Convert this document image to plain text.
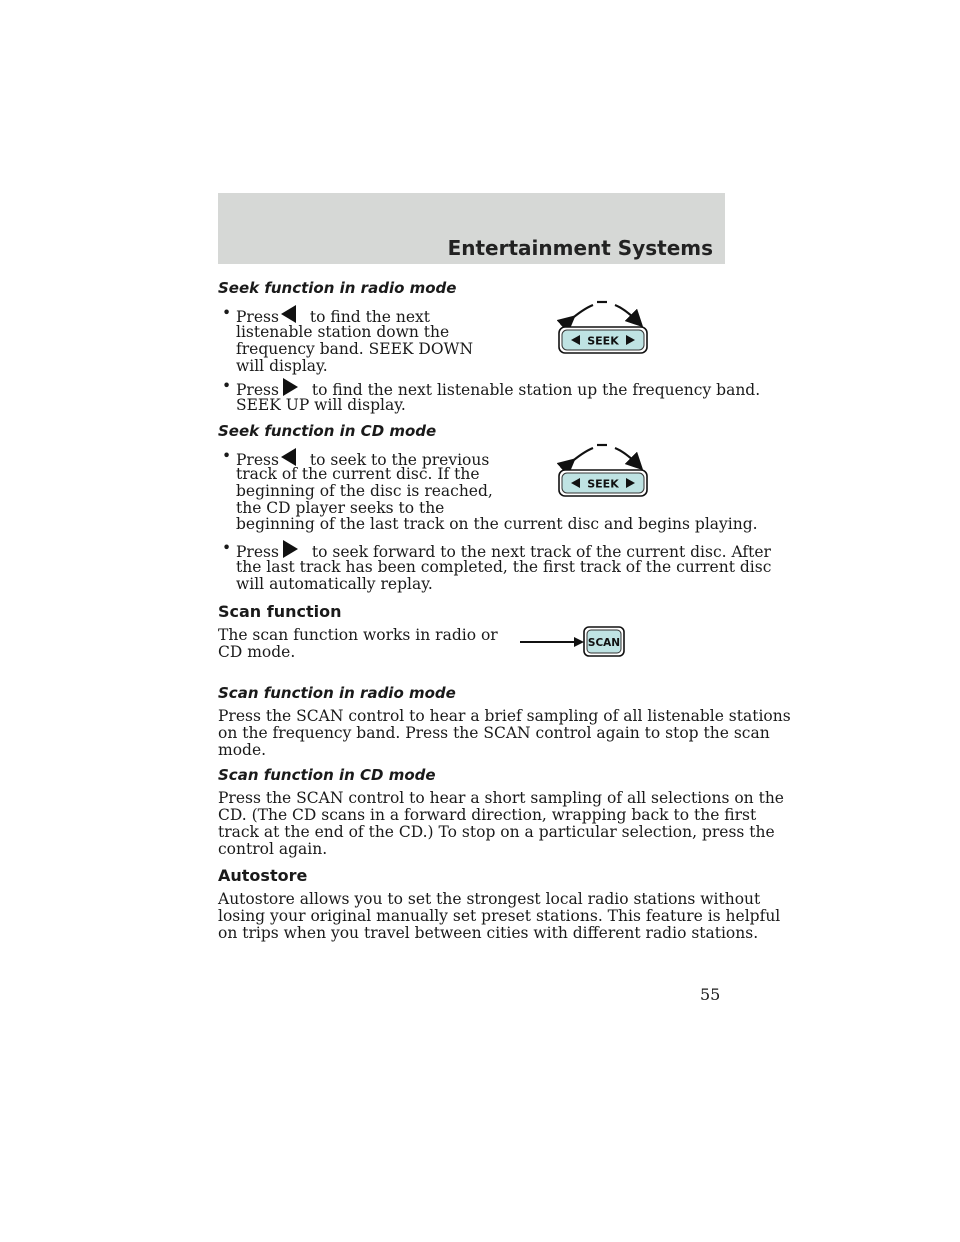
Entertainment Systems
Seek function in radio mode
• Press to find the next

listenable station down the

frequency band. SEEK DOWN

will display.

• Press to find the next listenable station up the frequency band.

SEEK UP will display.

SEEK
Seek function in CD mode
• Press to seek to the previous

track of the current disc. If the

beginning of the disc is reached,

the CD player seeks to the

beginning of the last track on the current disc and begins playing.

• Press to seek forward to the next track of the current disc. After

the last track has been completed, the first track of the current disc

will automatically replay.

SEEK
Scan function

The scan function works in radio or

CD mode.	SCAN
Scan function in radio mode

Press the SCAN control to hear a brief sampling of all listenable stations

on the frequency band. Press the SCAN control again to stop the scan

mode.

Scan function in CD mode

Press the SCAN control to hear a short sampling of all selections on the

CD. (The CD scans in a forward direction, wrapping back to the first

track at the end of the CD.) To stop on a particular selection, press the

control again.

Autostore

Autostore allows you to set the strongest local radio stations without

losing your original manually set preset stations. This feature is helpful

on trips when you travel between cities with different radio stations.

55
